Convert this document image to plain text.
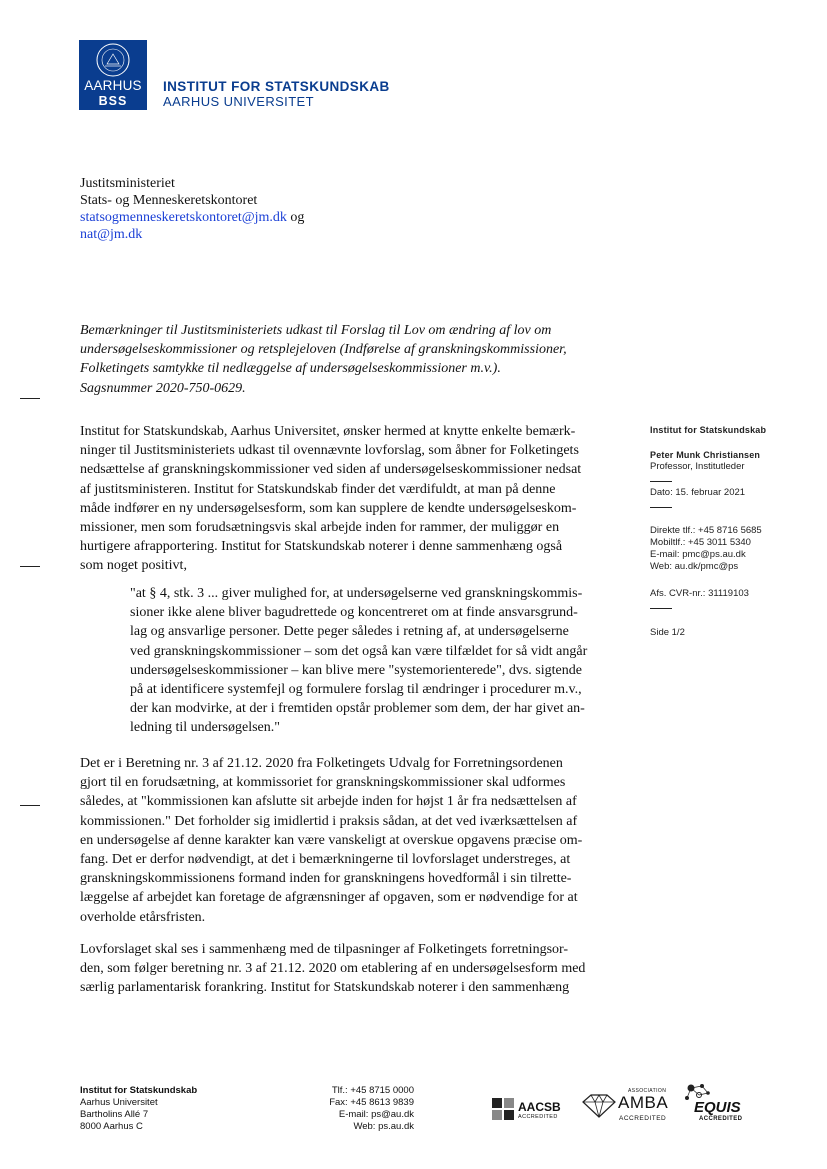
AARHUS
BSS
INSTITUT FOR STATSKUNDSKAB
AARHUS UNIVERSITET
Justitsministeriet
Stats- og Menneskeretskontoret
statsogmenneskeretskontoret@jm.dk og
nat@jm.dk
Bemærkninger til Justitsministeriets udkast til Forslag til Lov om ændring af lov om
undersøgelseskommissioner og retsplejeloven (Indførelse af granskningskommissioner,
Folketingets samtykke til nedlæggelse af undersøgelseskommissioner m.v.).
Sagsnummer 2020-750-0629.
Institut for Statskundskab, Aarhus Universitet, ønsker hermed at knytte enkelte bemærk-
ninger til Justitsministeriets udkast til ovennævnte lovforslag, som åbner for Folketingets
nedsættelse af granskningskommissioner ved siden af undersøgelseskommissioner nedsat
af justitsministeren. Institut for Statskundskab finder det værdifuldt, at man på denne
måde indfører en ny undersøgelsesform, som kan supplere de kendte undersøgelseskom-
missioner, men som forudsætningsvis skal arbejde inden for rammer, der muliggør en
hurtigere afrapportering. Institut for Statskundskab noterer i denne sammenhæng også
som noget positivt,
"at § 4, stk. 3 ... giver mulighed for, at undersøgelserne ved granskningskommis-
sioner ikke alene bliver bagudrettede og koncentreret om at finde ansvarsgrund-
lag og ansvarlige personer. Dette peger således i retning af, at undersøgelserne
ved granskningskommissioner – som det også kan være tilfældet for så vidt angår
undersøgelseskommissioner – kan blive mere "systemorienterede", dvs. sigtende
på at identificere systemfejl og formulere forslag til ændringer i procedurer m.v.,
der kan modvirke, at der i fremtiden opstår problemer som dem, der har givet an-
ledning til undersøgelsen."
Det er i Beretning nr. 3 af 21.12. 2020 fra Folketingets Udvalg for Forretningsordenen
gjort til en forudsætning, at kommissoriet for granskningskommissioner skal udformes
således, at "kommissionen kan afslutte sit arbejde inden for højst 1 år fra nedsættelsen af
kommissionen." Det forholder sig imidlertid i praksis sådan, at det ved iværksættelsen af
en undersøgelse af denne karakter kan være vanskeligt at overskue opgavens præcise om-
fang. Det er derfor nødvendigt, at det i bemærkningerne til lovforslaget understreges, at
granskningskommissionens formand inden for granskningens hovedformål i sin tilrette-
læggelse af arbejdet kan foretage de afgrænsninger af opgaven, som er nødvendige for at
overholde etårsfristen.
Lovforslaget skal ses i sammenhæng med de tilpasninger af Folketingets forretningsor-
den, som følger beretning nr. 3 af 21.12. 2020 om etablering af en undersøgelsesform med
særlig parlamentarisk forankring. Institut for Statskundskab noterer i den sammenhæng
Institut for Statskundskab
Peter Munk Christiansen
Professor, Institutleder
Dato: 15. februar 2021
Direkte tlf.: +45 8716 5685
Mobiltlf.: +45 3011 5340
E-mail: pmc@ps.au.dk
Web: au.dk/pmc@ps
Afs. CVR-nr.: 31119103
Side 1/2
Institut for Statskundskab
Aarhus Universitet
Bartholins Allé 7
8000 Aarhus C
Tlf.: +45 8715 0000
Fax: +45 8613 9839
E-mail: ps@au.dk
Web: ps.au.dk
AACSB
ACCREDITED
ASSOCIATION
AMBA
ACCREDITED
EQUIS
ACCREDITED
